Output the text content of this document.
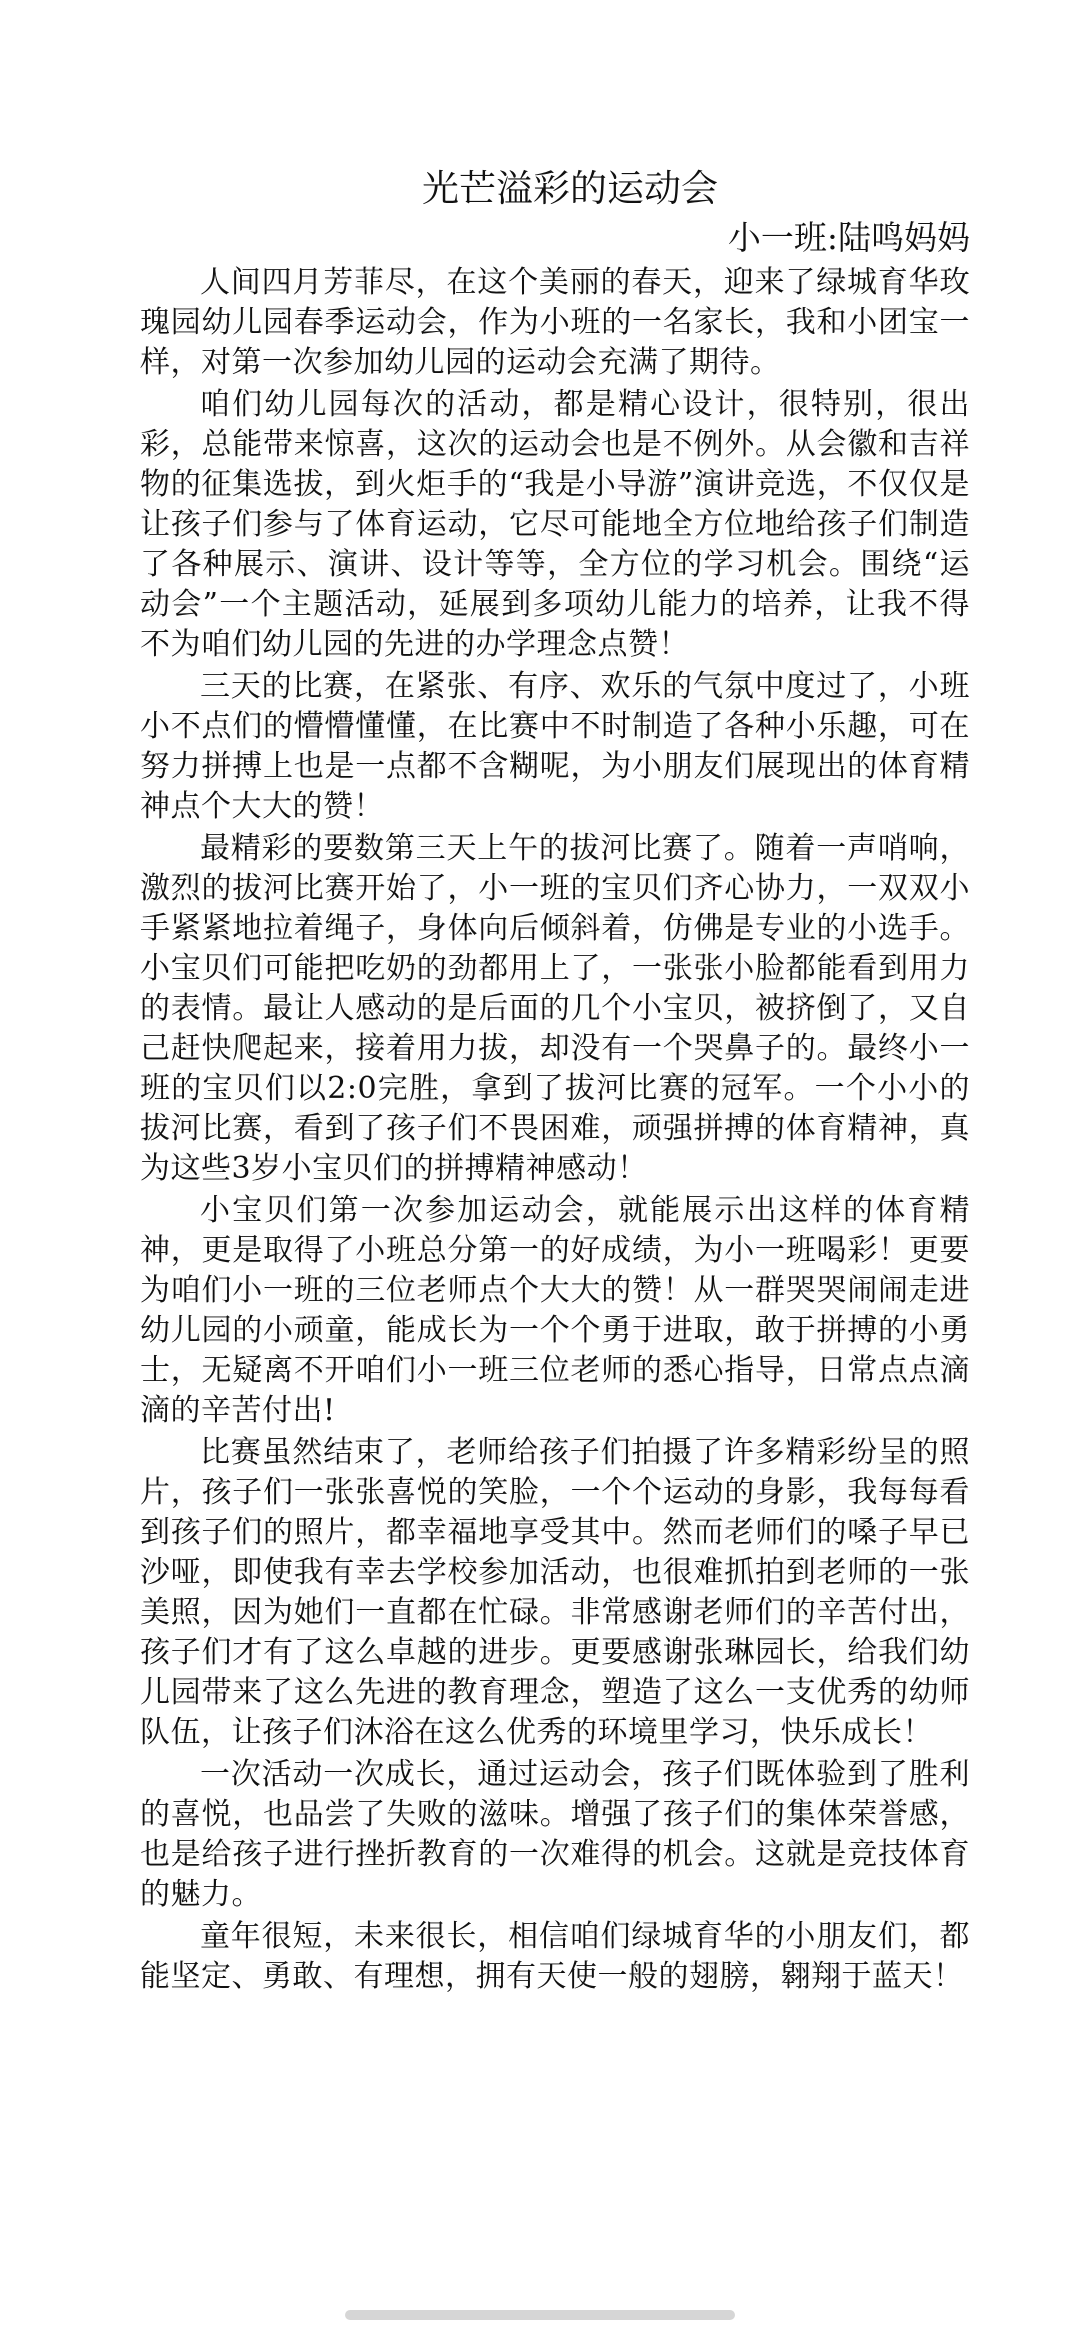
光芒溢彩的运动会

小一班:陆鸣妈妈

人间四月芳菲尽，在这个美丽的春天，迎来了绿城育华玫瑰园幼儿园春季运动会，作为小班的一名家长，我和小团宝一样，对第一次参加幼儿园的运动会充满了期待。

咱们幼儿园每次的活动，都是精心设计，很特别，很出彩，总能带来惊喜，这次的运动会也是不例外。从会徽和吉祥物的征集选拔，到火炬手的“我是小导游”演讲竞选，不仅仅是让孩子们参与了体育运动，它尽可能地全方位地给孩子们制造了各种展示、演讲、设计等等，全方位的学习机会。围绕“运动会”一个主题活动，延展到多项幼儿能力的培养，让我不得不为咱们幼儿园的先进的办学理念点赞！

三天的比赛，在紧张、有序、欢乐的气氛中度过了，小班小不点们的懵懵懂懂，在比赛中不时制造了各种小乐趣，可在努力拼搏上也是一点都不含糊呢，为小朋友们展现出的体育精神点个大大的赞！

最精彩的要数第三天上午的拔河比赛了。随着一声哨响，激烈的拔河比赛开始了，小一班的宝贝们齐心协力，一双双小手紧紧地拉着绳子，身体向后倾斜着，仿佛是专业的小选手。小宝贝们可能把吃奶的劲都用上了，一张张小脸都能看到用力的表情。最让人感动的是后面的几个小宝贝，被挤倒了，又自己赶快爬起来，接着用力拔，却没有一个哭鼻子的。最终小一班的宝贝们以2:0完胜，拿到了拔河比赛的冠军。一个小小的拔河比赛，看到了孩子们不畏困难，顽强拼搏的体育精神，真为这些3岁小宝贝们的拼搏精神感动！

小宝贝们第一次参加运动会，就能展示出这样的体育精神，更是取得了小班总分第一的好成绩，为小一班喝彩！更要为咱们小一班的三位老师点个大大的赞！从一群哭哭闹闹走进幼儿园的小顽童，能成长为一个个勇于进取，敢于拼搏的小勇士，无疑离不开咱们小一班三位老师的悉心指导，日常点点滴滴的辛苦付出!

比赛虽然结束了，老师给孩子们拍摄了许多精彩纷呈的照片，孩子们一张张喜悦的笑脸，一个个运动的身影，我每每看到孩子们的照片，都幸福地享受其中。然而老师们的嗓子早已沙哑，即使我有幸去学校参加活动，也很难抓拍到老师的一张美照，因为她们一直都在忙碌。非常感谢老师们的辛苦付出，孩子们才有了这么卓越的进步。更要感谢张琳园长，给我们幼儿园带来了这么先进的教育理念，塑造了这么一支优秀的幼师队伍，让孩子们沐浴在这么优秀的环境里学习，快乐成长！

一次活动一次成长，通过运动会，孩子们既体验到了胜利的喜悦，也品尝了失败的滋味。增强了孩子们的集体荣誉感，也是给孩子进行挫折教育的一次难得的机会。这就是竞技体育的魅力。

童年很短，未来很长，相信咱们绿城育华的小朋友们，都能坚定、勇敢、有理想，拥有天使一般的翅膀，翱翔于蓝天！
